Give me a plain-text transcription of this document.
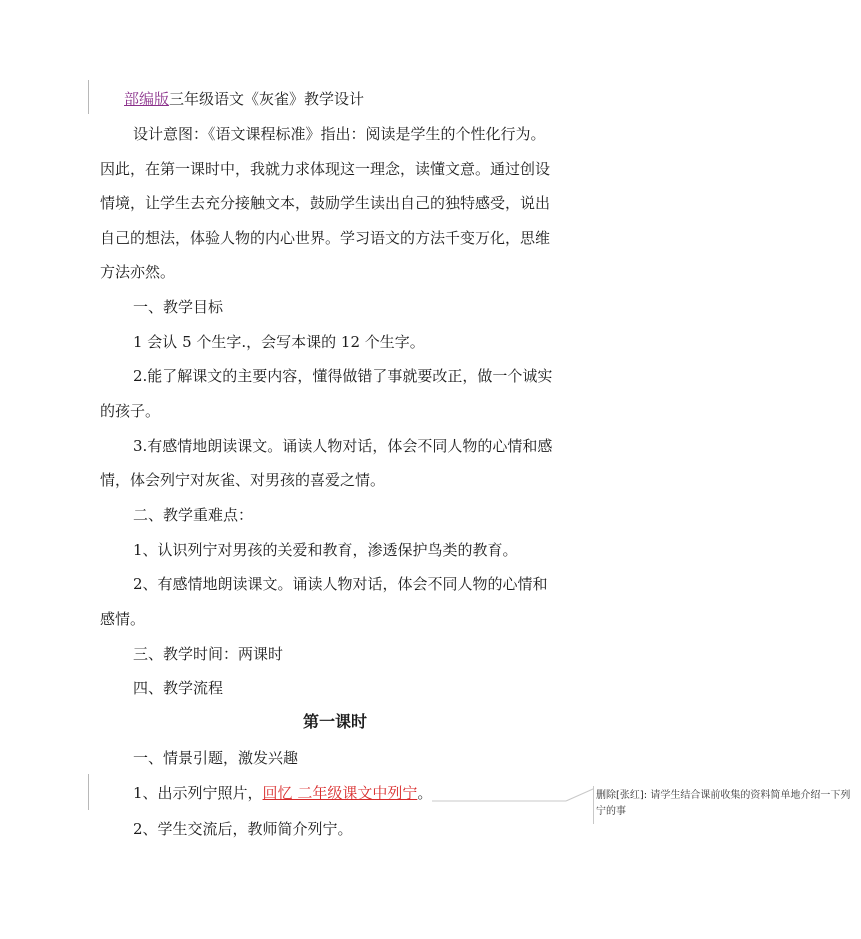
部编版三年级语文《灰雀》教学设计
设计意图：《语文课程标准》指出：阅读是学生的个性化行为。
因此，在第一课时中，我就力求体现这一理念，读懂文意。通过创设
情境，让学生去充分接触文本，鼓励学生读出自己的独特感受，说出
自己的想法，体验人物的内心世界。学习语文的方法千变万化，思维
方法亦然。
一、教学目标
1 会认 5 个生字.，会写本课的 12 个生字。
2.能了解课文的主要内容，懂得做错了事就要改正，做一个诚实
的孩子。
3.有感情地朗读课文。诵读人物对话，体会不同人物的心情和感
情，体会列宁对灰雀、对男孩的喜爱之情。
二、教学重难点：
1、认识列宁对男孩的关爱和教育，渗透保护鸟类的教育。
2、有感情地朗读课文。诵读人物对话，体会不同人物的心情和
感情。
三、教学时间：两课时
四、教学流程
第一课时
一、情景引题，激发兴趣
1、出示列宁照片，回忆 二年级课文中列宁。
2、学生交流后，教师简介列宁。
删除[张红]: 请学生结合课前收集的资料简单地介绍一下列宁的事
